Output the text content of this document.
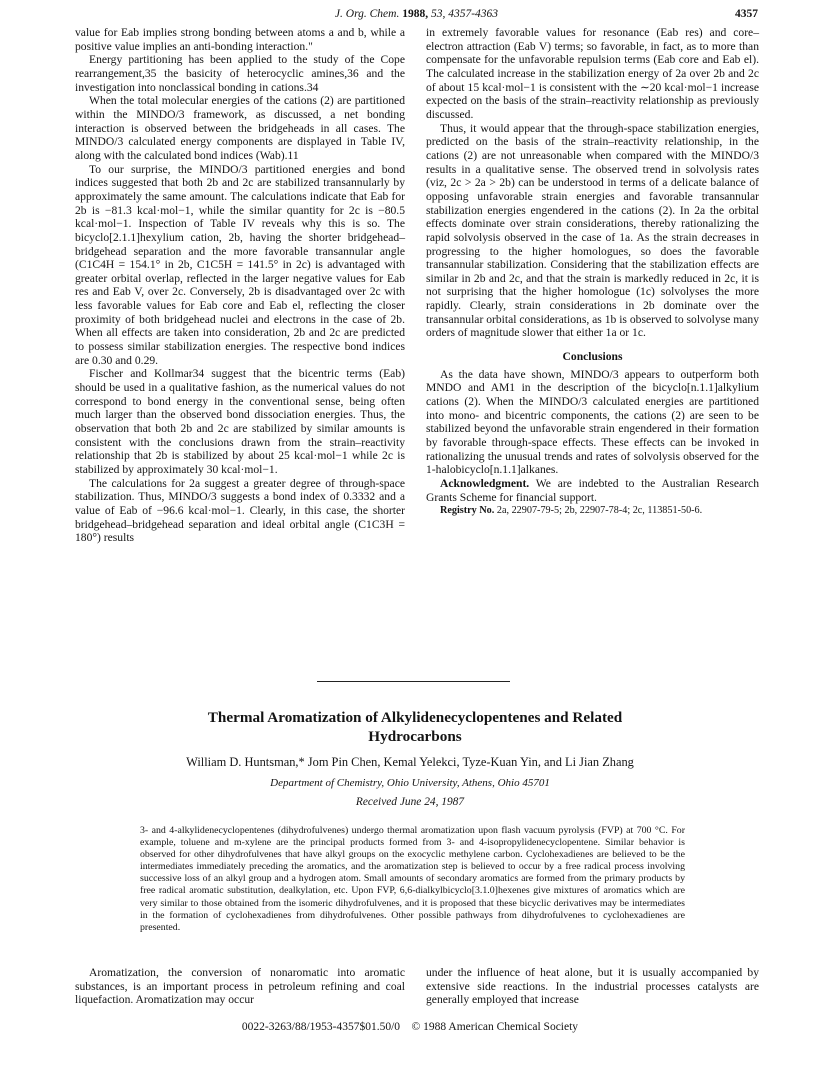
J. Org. Chem. 1988, 53, 4357-4363	4357

value for Eab implies strong bonding between atoms a and b, while a positive value implies an anti-bonding interaction."

Energy partitioning has been applied to the study of the Cope rearrangement,35 the basicity of heterocyclic amines,36 and the investigation into nonclassical bonding in cations.34

When the total molecular energies of the cations (2) are partitioned within the MINDO/3 framework, as discussed, a net bonding interaction is observed between the bridgeheads in all cases. The MINDO/3 calculated energy components are displayed in Table IV, along with the calculated bond indices (Wab).11

To our surprise, the MINDO/3 partitioned energies and bond indices suggested that both 2b and 2c are stabilized transannularly by approximately the same amount. The calculations indicate that Eab for 2b is −81.3 kcal·mol−1, while the similar quantity for 2c is −80.5 kcal·mol−1. Inspection of Table IV reveals why this is so. The bicyclo[2.1.1]hexylium cation, 2b, having the shorter bridgehead–bridgehead separation and the more favorable transannular angle (C1C4H = 154.1° in 2b, C1C5H = 141.5° in 2c) is advantaged with greater orbital overlap, reflected in the larger negative values for Eab res and Eab V, over 2c. Conversely, 2b is disadvantaged over 2c with less favorable values for Eab core and Eab el, reflecting the closer proximity of both bridgehead nuclei and electrons in the case of 2b. When all effects are taken into consideration, 2b and 2c are predicted to possess similar stabilization energies. The respective bond indices are 0.30 and 0.29.

Fischer and Kollmar34 suggest that the bicentric terms (Eab) should be used in a qualitative fashion, as the numerical values do not correspond to bond energy in the conventional sense, being often much larger than the observed bond dissociation energies. Thus, the observation that both 2b and 2c are stabilized by similar amounts is consistent with the conclusions drawn from the strain–reactivity relationship that 2b is stabilized by about 25 kcal·mol−1 while 2c is stabilized by approximately 30 kcal·mol−1.

The calculations for 2a suggest a greater degree of through-space stabilization. Thus, MINDO/3 suggests a bond index of 0.3332 and a value of Eab of −96.6 kcal·mol−1. Clearly, in this case, the shorter bridgehead–bridgehead separation and ideal orbital angle (C1C3H = 180°) results

in extremely favorable values for resonance (Eab res) and core–electron attraction (Eab V) terms; so favorable, in fact, as to more than compensate for the unfavorable repulsion terms (Eab core and Eab el). The calculated increase in the stabilization energy of 2a over 2b and 2c of about 15 kcal·mol−1 is consistent with the ∼20 kcal·mol−1 increase expected on the basis of the strain–reactivity relationship as previously discussed.

Thus, it would appear that the through-space stabilization energies, predicted on the basis of the strain–reactivity relationship, in the cations (2) are not unreasonable when compared with the MINDO/3 results in a qualitative sense. The observed trend in solvolysis rates (viz, 2c > 2a > 2b) can be understood in terms of a delicate balance of opposing unfavorable strain energies and favorable transannular stabilization energies engendered in the cations (2). In 2a the orbital effects dominate over strain considerations, thereby rationalizing the rapid solvolysis observed in the case of 1a. As the strain decreases in progressing to the higher homologues, so does the favorable transannular stabilization. Considering that the stabilization effects are similar in 2b and 2c, and that the strain is markedly reduced in 2c, it is not surprising that the higher homologue (1c) solvolyses the more rapidly. Clearly, strain considerations in 2b dominate over the transannular orbital considerations, as 1b is observed to solvolyse many orders of magnitude slower that either 1a or 1c.

Conclusions

As the data have shown, MINDO/3 appears to outperform both MNDO and AM1 in the description of the bicyclo[n.1.1]alkylium cations (2). When the MINDO/3 calculated energies are partitioned into mono- and bicentric components, the cations (2) are seen to be stabilized beyond the unfavorable strain engendered in their formation by favorable through-space effects. These effects can be invoked in rationalizing the unusual trends and rates of solvolysis observed for the 1-halobicyclo[n.1.1]alkanes.

Acknowledgment. We are indebted to the Australian Research Grants Scheme for financial support.

Registry No. 2a, 22907-79-5; 2b, 22907-78-4; 2c, 113851-50-6.

Thermal Aromatization of Alkylidenecyclopentenes and Related
Hydrocarbons
William D. Huntsman,* Jom Pin Chen, Kemal Yelekci, Tyze-Kuan Yin, and Li Jian Zhang
Department of Chemistry, Ohio University, Athens, Ohio 45701
Received June 24, 1987
3- and 4-alkylidenecyclopentenes (dihydrofulvenes) undergo thermal aromatization upon flash vacuum pyrolysis (FVP) at 700 °C. For example, toluene and m-xylene are the principal products formed from 3- and 4-isopropylidenecyclopentene. Similar behavior is observed for other dihydrofulvenes that have alkyl groups on the exocyclic methylene carbon. Cyclohexadienes are believed to be the intermediates immediately preceding the aromatics, and the aromatization step is believed to occur by a free radical process involving successive loss of an alkyl group and a hydrogen atom. Small amounts of secondary aromatics are formed from the primary products by free radical aromatic substitution, dealkylation, etc. Upon FVP, 6,6-dialkylbicyclo[3.1.0]hexenes give mixtures of aromatics which are very similar to those obtained from the isomeric dihydrofulvenes, and it is proposed that these bicyclic derivatives may be intermediates in the formation of cyclohexadienes from dihydrofulvenes. Other possible pathways from dihydrofulvenes to cyclohexadienes are presented.

Aromatization, the conversion of nonaromatic into aromatic substances, is an important process in petroleum refining and coal liquefaction. Aromatization may occur

under the influence of heat alone, but it is usually accompanied by extensive side reactions. In the industrial processes catalysts are generally employed that increase

0022-3263/88/1953-4357$01.50/0 © 1988 American Chemical Society
